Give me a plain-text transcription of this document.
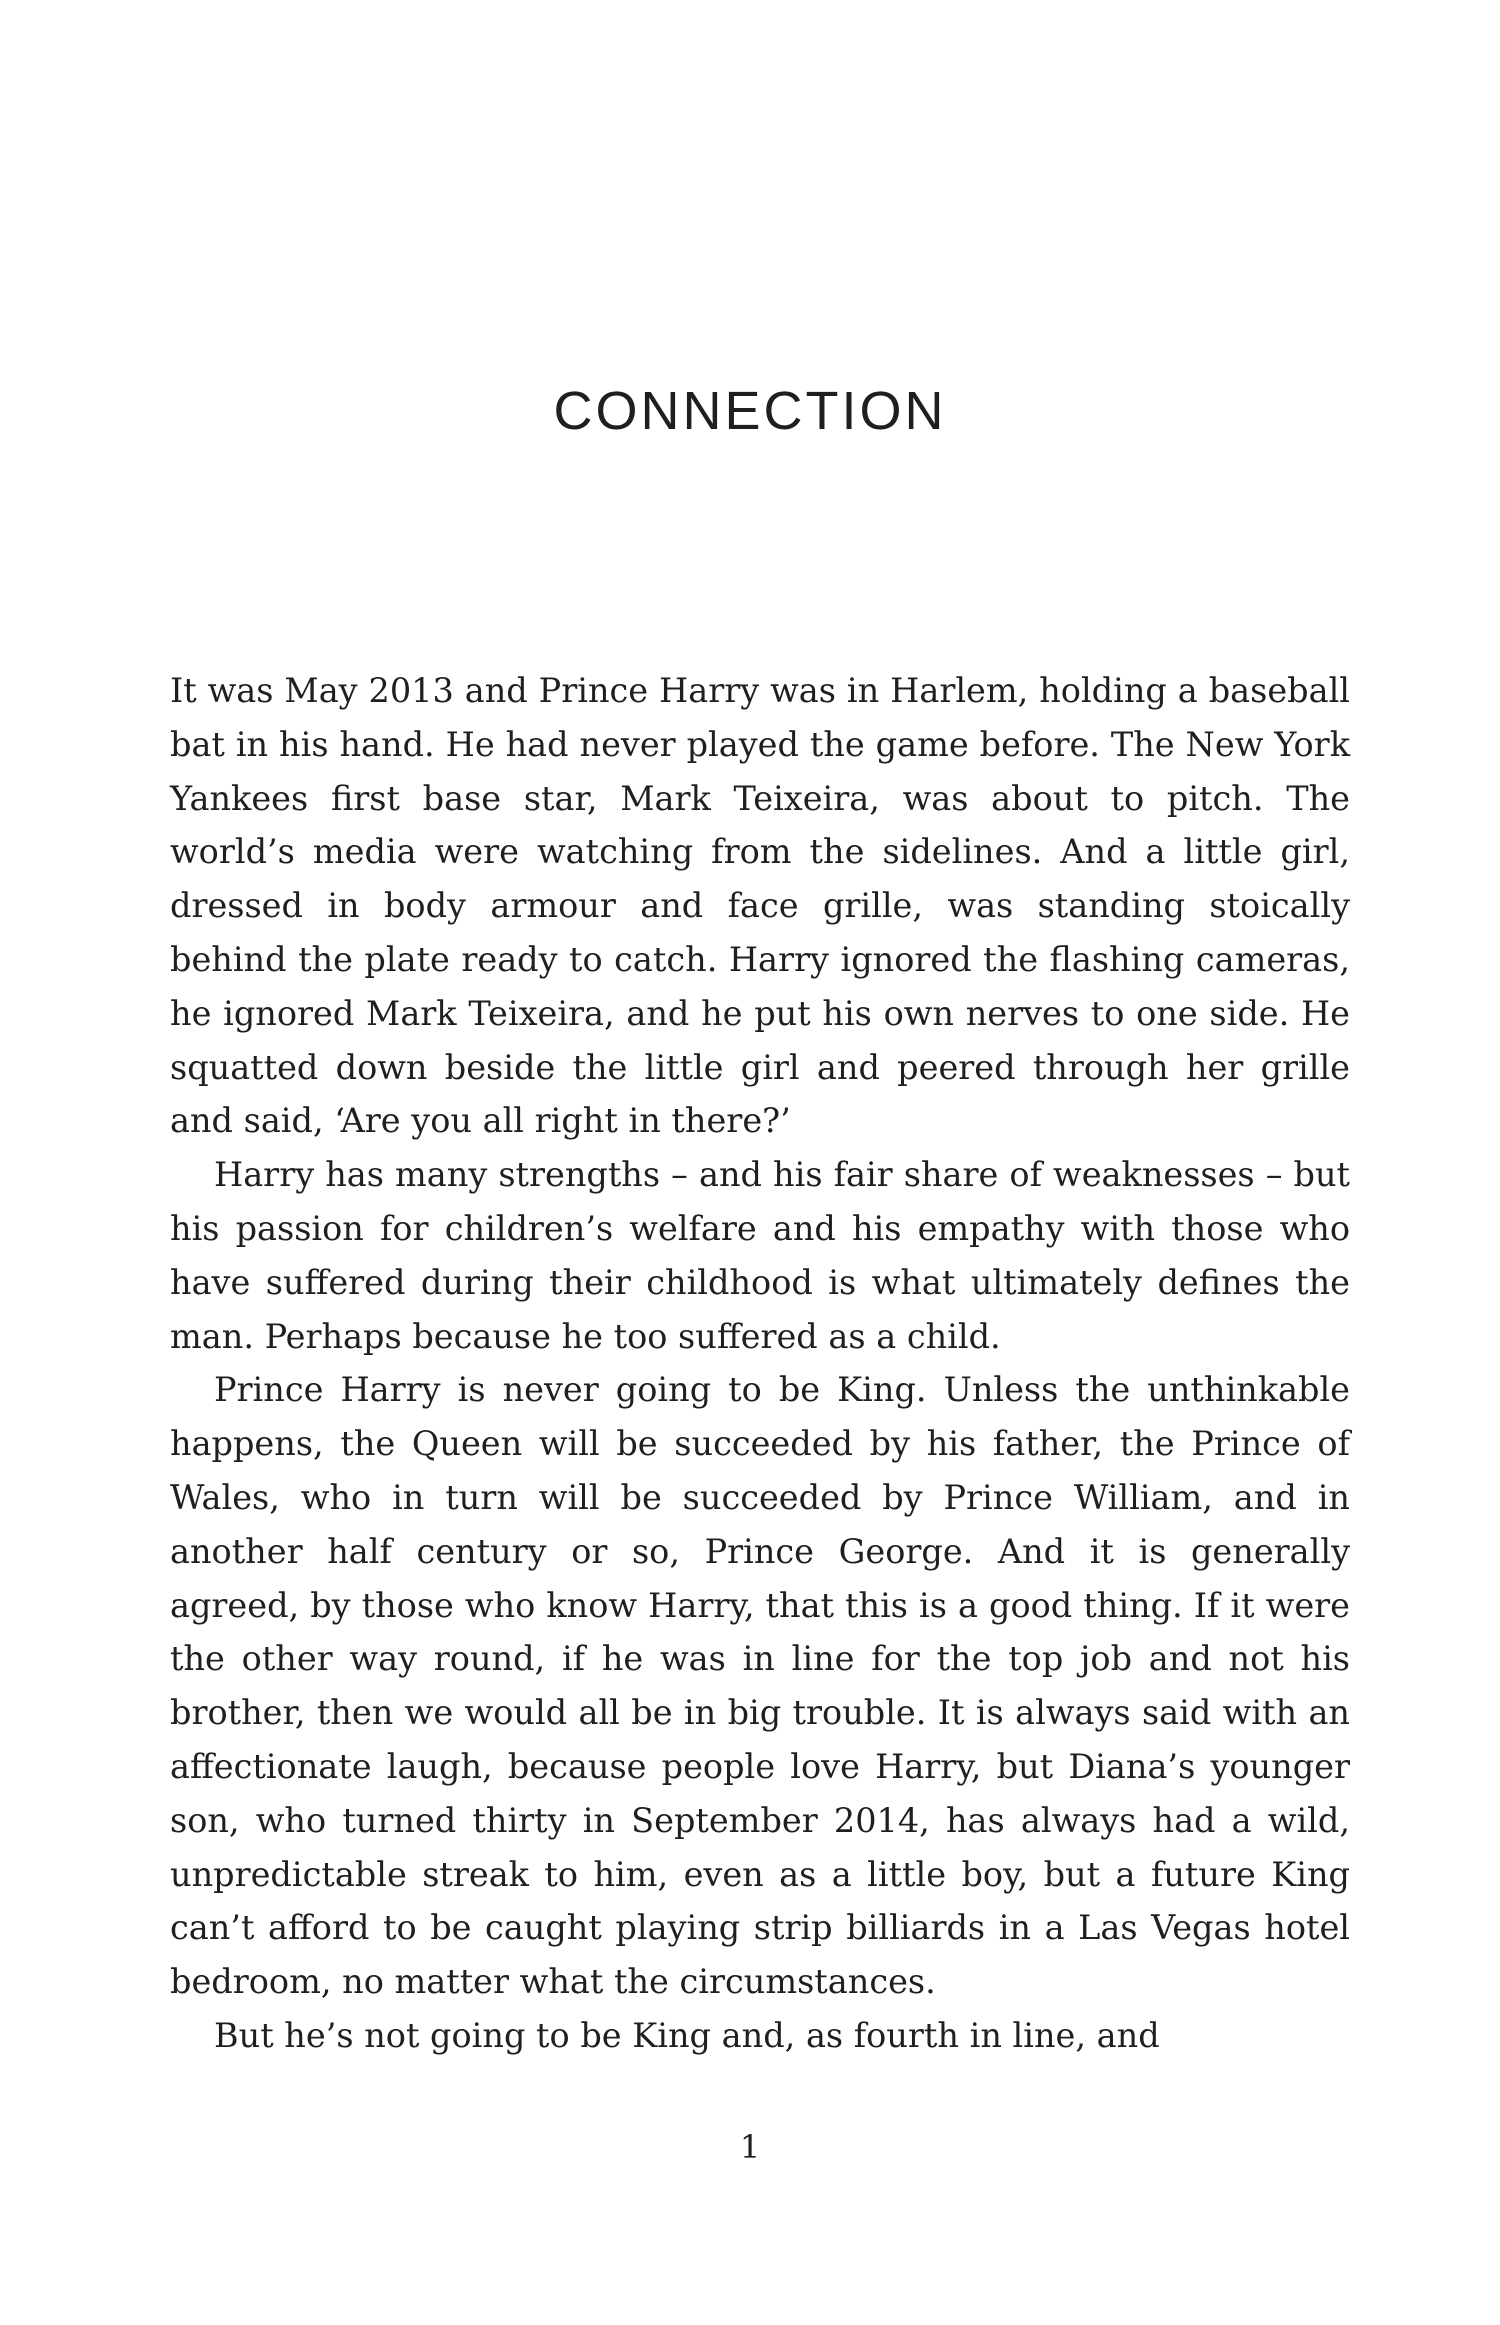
CONNECTION

It was May 2013 and Prince Harry was in Harlem, holding a baseball bat in his hand. He had never played the game before. The New York Yankees first base star, Mark Teixeira, was about to pitch. The world’s media were watching from the sidelines. And a little girl, dressed in body armour and face grille, was standing stoically behind the plate ready to catch. Harry ignored the flashing cameras, he ignored Mark Teixeira, and he put his own nerves to one side. He squatted down beside the little girl and peered through her grille and said, ‘Are you all right in there?’

Harry has many strengths – and his fair share of weaknesses – but his passion for children’s welfare and his empathy with those who have suffered during their childhood is what ultimately defines the man. Perhaps because he too suffered as a child.

Prince Harry is never going to be King. Unless the unthinkable happens, the Queen will be succeeded by his father, the Prince of Wales, who in turn will be succeeded by Prince William, and in another half century or so, Prince George. And it is generally agreed, by those who know Harry, that this is a good thing. If it were the other way round, if he was in line for the top job and not his brother, then we would all be in big trouble. It is always said with an affectionate laugh, because people love Harry, but Diana’s younger son, who turned thirty in September 2014, has always had a wild, unpredictable streak to him, even as a little boy, but a future King can’t afford to be caught playing strip billiards in a Las Vegas hotel bedroom, no matter what the circumstances.

But he’s not going to be King and, as fourth in line, and

1
